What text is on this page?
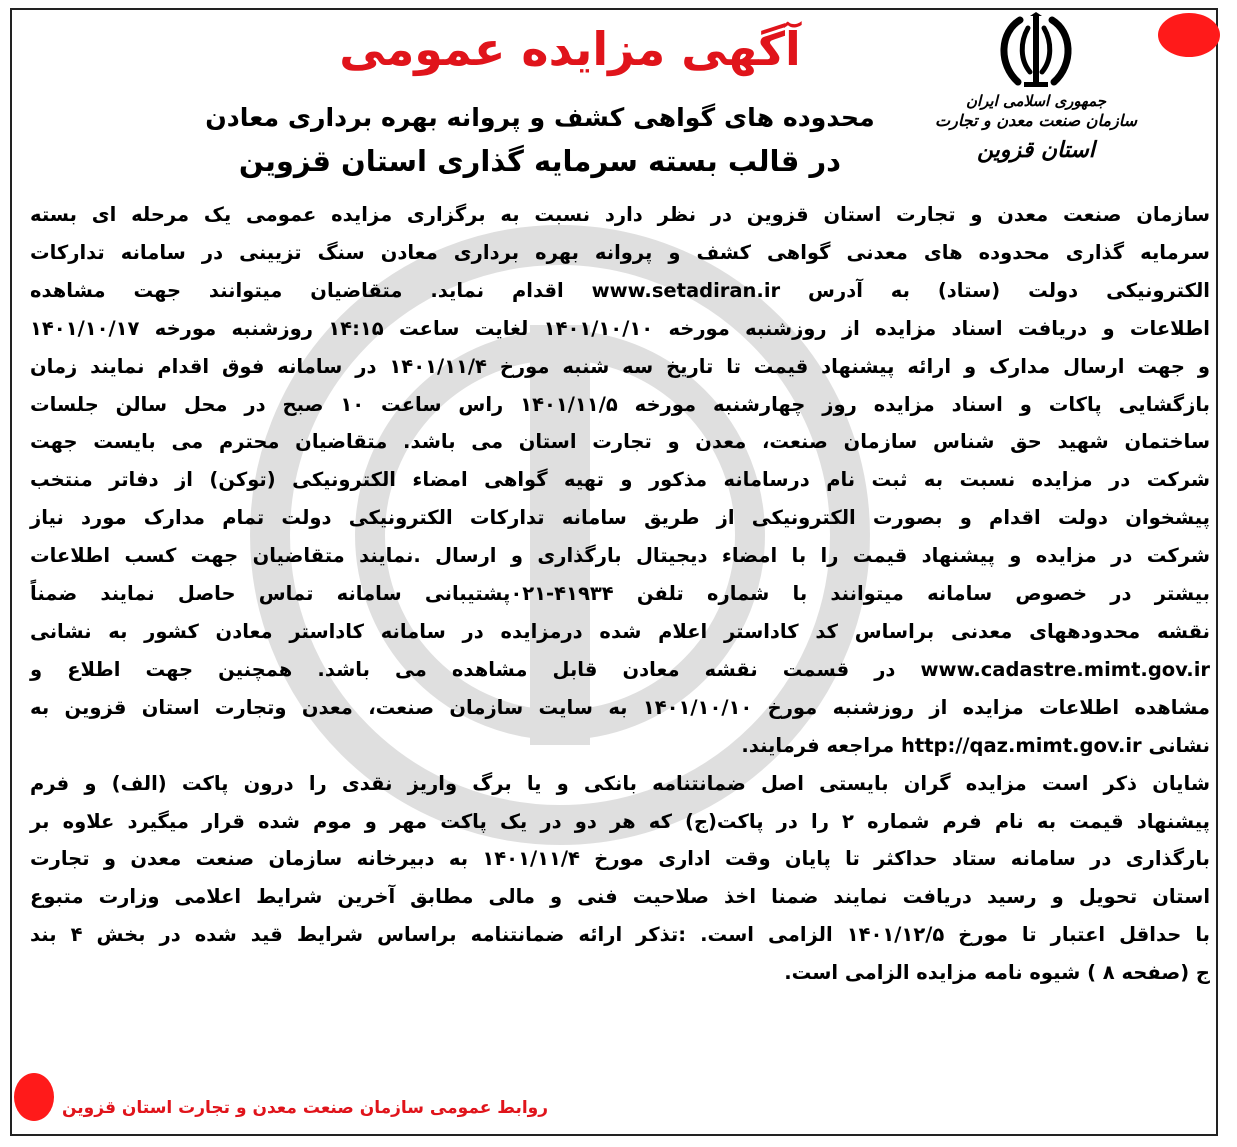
جمهوری اسلامی ایران
سازمان صنعت معدن و تجارت
استان قزوین
آگهی مزایده عمومی
محدوده های گواهی کشف و پروانه بهره برداری معادن
در قالب بسته سرمایه گذاری استان قزوین
سازمان صنعت معدن و تجارت استان قزوین در نظر دارد نسبت به برگزاری مزایده عمومی یک مرحله ای بسته
سرمایه گذاری محدوده های معدنی گواهی کشف و پروانه بهره برداری معادن سنگ تزیینی در سامانه تدارکات
الکترونیکی دولت (ستاد) به آدرس www.setadiran.ir اقدام نماید. متقاضیان میتوانند جهت مشاهده
اطلاعات و دریافت اسناد مزایده از روزشنبه مورخه ۱۴۰۱/۱۰/۱۰ لغایت ساعت ۱۴:۱۵ روزشنبه مورخه ۱۴۰۱/۱۰/۱۷
و جهت ارسال مدارک و ارائه پیشنهاد قیمت تا تاریخ سه شنبه مورخ ۱۴۰۱/۱۱/۴ در سامانه فوق اقدام نمایند زمان
بازگشایی پاکات و اسناد مزایده روز چهارشنبه مورخه ۱۴۰۱/۱۱/۵ راس ساعت ۱۰ صبح در محل سالن جلسات
ساختمان شهید حق شناس سازمان صنعت، معدن و تجارت استان می باشد. متقاضیان محترم می بایست جهت
شرکت در مزایده نسبت به ثبت نام درسامانه مذکور و تهیه گواهی امضاء الکترونیکی (توکن) از دفاتر منتخب
پیشخوان دولت اقدام و بصورت الکترونیکی از طریق سامانه تدارکات الکترونیکی دولت تمام مدارک مورد نیاز
شرکت در مزایده و پیشنهاد قیمت را با امضاء دیجیتال بارگذاری و ارسال .نمایند متقاضیان جهت کسب اطلاعات
بیشتر در خصوص سامانه میتوانند با شماره تلفن ۴۱۹۳۴-۰۲۱پشتیبانی سامانه تماس حاصل نمایند ضمناً
نقشه محدودههای معدنی براساس کد کاداستر اعلام شده درمزایده در سامانه کاداستر معادن کشور به نشانی
www.cadastre.mimt.gov.ir در قسمت نقشه معادن قابل مشاهده می باشد. همچنین جهت اطلاع و
مشاهده اطلاعات مزایده از روزشنبه مورخ ۱۴۰۱/۱۰/۱۰ به سایت سازمان صنعت، معدن وتجارت استان قزوین به
نشانی http://qaz.mimt.gov.ir مراجعه فرمایند.
شایان ذکر است مزایده گران بایستی اصل ضمانتنامه بانکی و یا برگ واریز نقدی را درون پاکت (الف) و فرم
پیشنهاد قیمت به نام فرم شماره ۲ را در پاکت(ج) که هر دو در یک پاکت مهر و موم شده قرار میگیرد علاوه بر
بارگذاری در سامانه ستاد حداکثر تا پایان وقت اداری مورخ ۱۴۰۱/۱۱/۴ به دبیرخانه سازمان صنعت معدن و تجارت
استان تحویل و رسید دریافت نمایند ضمنا اخذ صلاحیت فنی و مالی مطابق آخرین شرایط اعلامی وزارت متبوع
با حداقل اعتبار تا مورخ ۱۴۰۱/۱۲/۵ الزامی است. :تذکر ارائه ضمانتنامه براساس شرایط قید شده در بخش ۴ بند
ج (صفحه ۸ ) شیوه نامه مزایده الزامی است.
روابط عمومی سازمان صنعت معدن و تجارت استان قزوین
